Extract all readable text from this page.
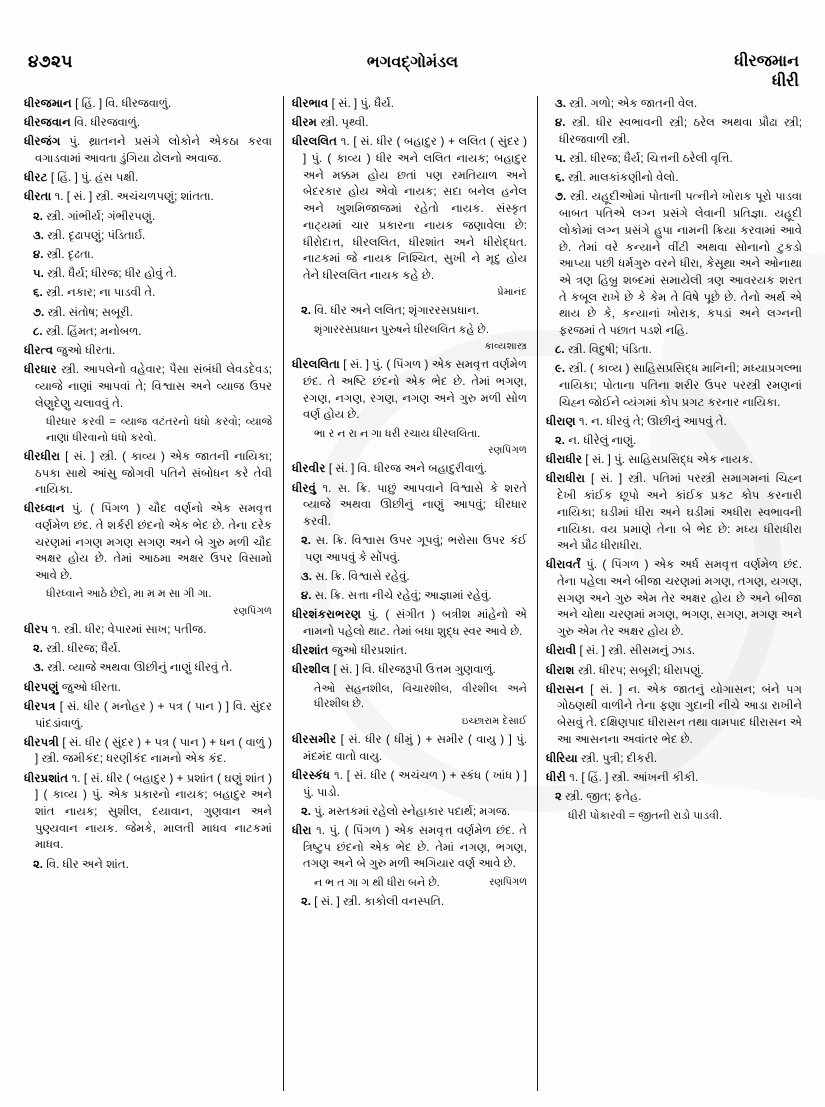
૪૭૨૫	ભગવદ્ગોમંડલ	ધીરજમાન
ધીરી

ધીરજમાન [ હિં. ] વિ. ધીરજવાળું.

ધીરજવાન વિ. ધીરજવાળું.

ધીરજંગ પું. થ્રાતનને પ્રસંગે લોકોને એકઠા કરવા વગાડવામાં આવતા ડુંગિયા ઢોલનો અવાજ.

ધીરટ [ હિં. ] પું. હંસ પક્ષી.

ધીરતા ૧. [ સં. ] સ્ત્રી. અચંચળપણું; શાંતતા.

૨. સ્ત્રી. ગાંભીર્ય; ગંભીરપણું.

૩. સ્ત્રી. દૃઢાપણું; પંડિતાર્ઇ.

૪. સ્ત્રી. દૃઢતા.

૫. સ્ત્રી. ધૈર્ય; ધીરજ; ધીર હોવું તે.

૬. સ્ત્રી. નકાર; ના પાડવી તે.

૭. સ્ત્રી. સંતોષ; સબૂરી.

૮. સ્ત્રી. હિંમત; મનોબળ.

ધીરત્વ જુઓ ધીરતા.

ધીરધાર સ્ત્રી. આપલેનો વહેવાર; પૈસા સંબંધી લેવડદેવડ; વ્યાજે નાણાં આપવાં તે; વિશ્વાસ અને વ્યાજ ઉપર લેણુદેણુ ચલાવવું તે.

ધીરધાર કરવી = વ્યાજ વટંતરનો ધંધો કરવો; વ્યાજે નાણાં ધીરવાનો ધંધો કરવો.

ધીરધીરા [ સં. ] સ્ત્રી. ( કાવ્ય ) એક જાતની નાયિકા; ઠપકા સાથે આંસુ જોગવી પતિને સંબોધન કરે તેવી નાયિકા.

ધીરધ્વાન પું. ( પિંગળ ) ચૌદ વર્ણનો એક સમવૃત્ત વર્ણમેળ છંદ. તે શર્કરી છંદનો એક ભેદ છે. તેના દરેક ચરણમાં નગણ મગણ સગણ અને બે ગુરુ મળી ચૌદ અક્ષર હોય છે. તેમાં આઠમા અક્ષર ઉપર વિસામો આવે છે.

ધીરધ્વાને આઠે છેદો, મા મ મ સા ગી ગા.

રણપિંગળ

ધીરપ ૧. સ્ત્રી. ધીર; વેપારમાં સાખ; પતીજ.

૨. સ્ત્રી. ધીરજ; ધૈર્ય.

૩. સ્ત્રી. વ્યાજે અથવા ઊછીનું નાણું ધીરવું તે.

ધીરપણું જુઓ ધીરતા.

ધીરપત્ર [ સં. ધીર ( મનોહર ) + પત્ર ( પાન ) ] વિ. સુંદર પાંદડાંવાળું.

ધીરપત્રી [ સં. ધીર ( સુંદર ) + પત્ર ( પાન ) + ધન ( વાળું ) ] સ્ત્રી. જમીકંદ; ધરણીકંદ નામનો એક કંદ.

ધીરપ્રશાંત ૧. [ સં. ધીર ( બહાદુર ) + પ્રશાંત ( ઘણું શાંત ) ] ( કાવ્ય ) પું. એક પ્રકારનો નાયક; બહાદુર અને શાંત નાયક; સુશીલ, દયાવાન, ગુણવાન અને પુણ્યવાન નાયક. જેમકે, માલતી માધવ નાટકમાં માધવ.

૨. વિ. ધીર અને શાંત.

ધીરભાવ [ સં. ] પું. ધૈર્ય.

ધીરમ સ્ત્રી. પૃથ્વી.

ધીરલલિત ૧. [ સં. ધીર ( બહાદુર ) + લલિત ( સુંદર ) ] પું. ( કાવ્ય ) ધીર અને લલિત નાયક; બહાદુર અને મક્કમ હોય છતાં પણ રમતિયાળ અને બેદરકાર હોય એવો નાયક; સદા બનેલ હનેલ અને ખુશમિજાજમાં રહેતો નાયક. સંસ્કૃત નાટ્યમાં ચાર પ્રકારના નાયક જણાવેલા છે: ધીરોદાત્ત, ધીરલલિત, ધીરશાંત અને ધીરોદ્ધત. નાટકમાં જે નાયક નિશ્ચિત, સુખી ને મૃદુ હોય તેને ધીરલલિત નાયક કહે છે.

પ્રેમાનંદ

૨. વિ. ધીર અને લલિત; શૃંગારરસપ્રધાન.

શૃંગારરસપ્રધાન પુરુષને ધીરલલિત કહે છે.

કાવ્યશાસ્ત્ર

ધીરલલિતા [ સં. ] પું. ( પિંગળ ) એક સમવૃત્ત વર્ણમેળ છંદ. તે અષ્ટિ છંદનો એક ભેદ છે. તેમાં ભગણ, રગણ, નગણ, રગણ, નગણ અને ગુરુ મળી સોળ વર્ણ હોય છે.

ભા ર ન રા ન ગા ધરી રચાય ધીરલલિતા.

રણપિંગળ

ધીરવીર [ સં. ] વિ. ધીરજ અને બહાદુરીવાળું.

ધીરવું ૧. સ. ક્રિ. પાછું આપવાને વિશ્વાસે કે શરતે વ્યાજે અથવા ઊછીનું નાણું આપવું; ધીરધાર કરવી.

૨. સ. ક્રિ. વિશ્વાસ ઉપર ગૂપવું; ભરોસા ઉપર કંઈ પણ આપવું કે સોંપવું.

૩. સ. ક્રિ. વિશ્વાસે રહેવું.

૪. સ. ક્રિ. સત્તા નીચે રહેવું; આજ્ઞામાં રહેવું.

ધીરશંકરાભરણ પું. ( સંગીત ) બત્રીશ માંહેનો એ નામનો પહેલો થાટ. તેમાં બધા શુદ્ધ સ્વર આવે છે.

ધીરશાંત જુઓ ધીરપ્રશાંત.

ધીરશીલ [ સં. ] વિ. ધીરજરૂપી ઉત્તમ ગુણવાળું.

તેઓ સહનશીલ, વિચારશીલ, વીરશીલ અને ધીરશીલ છે.

ઇચ્છારામ દેસાઈ

ધીરસમીર [ સં. ધીર ( ધીમું ) + સમીર ( વાયુ ) ] પું. મંદમંદ વાતો વાયુ.

ધીરસ્કંધ ૧. [ સં. ધીર ( અચંચળ ) + સ્કંધ ( ખાંધ ) ] પું. પાડો.

૨. પું. મસ્તકમાં રહેલો સ્નેહાકાર પદાર્થ; મગજ.

ધીરા ૧. પું. ( પિંગળ ) એક સમવૃત્ત વર્ણમેળ છંદ. તે ત્રિષ્ટુપ છંદનો એક ભેદ છે. તેમાં નગણ, ભગણ, તગણ અને બે ગુરુ મળી અગિયાર વર્ણ આવે છે.

રણપિંગળ
ન ભ ત ગા ગ થી ધીરા બને છે.

૨. [ સં. ] સ્ત્રી. કાકોલી વનસ્પતિ.

૩. સ્ત્રી. ગળો; એક જાતની વેલ.

૪. સ્ત્રી. ધીર સ્વભાવની સ્ત્રી; ઠરેલ અથવા પ્રૌઢા સ્ત્રી; ધીરજવાળી સ્ત્રી.

૫. સ્ત્રી. ધીરજ; ધૈર્ય; ચિત્તની ઠરેલી વૃત્તિ.

૬. સ્ત્રી. માલકાંકણીનો વેલો.

૭. સ્ત્રી. યહૂદીઓમાં પોતાની પત્નીને ખોરાક પૂરો પાડવા બાબત પતિએ લગ્ન પ્રસંગે લેવાની પ્રતિજ્ઞા. યહૂદી લોકોમાં લગ્ન પ્રસંગે હુપા નામની ક્રિયા કરવામાં આવે છે. તેમાં વરે કન્યાને વીંટી અથવા સોનાનો ટુકડો આપ્યા પછી ધર્મગુરુ વરને ધીરા, કેસૂથા અને ઓનાથા એ ત્રણ હિબ્રુ શબ્દમાં સમાયેલી ત્રણ આવરયક શરત તે કબૂલ રાખે છે કે કેમ તે વિષે પૂછે છે. તેનો અર્થ એ થાય છે કે, કન્યાનાં ખોરાક, કપડાં અને લગ્નની ફરજમાં તે પછાત પડશે નહિ.

૮. સ્ત્રી. વિદુષી; પંડિતા.

૯. સ્ત્રી. ( કાવ્ય ) સાહિસપ્રસિદ્ધ માનિની; મધ્યાપ્રગલ્ભા નાયિકા; પોતાના પતિના શરીર ઉપર પરસ્ત્રી રમણનાં ચિહ્ન જોઈને વ્યંગમાં કોપ પ્રગટ કરનાર નાયિકા.

ધીરાણ ૧. ન. ધીરવું તે; ઊછીનું આપવું તે.

૨. ન. ધીરેલું નાણું.

ધીરાધીર [ સં. ] પું. સાહિસપ્રસિદ્ધ એક નાયક.

ધીરાધીરા [ સં. ] સ્ત્રી. પતિમાં પરસ્ત્રી સમાગમનાં ચિહ્ન દેખી કાંઈક છૂપો અને કાંઈક પ્રકટ કોપ કરનારી નાયિકા; ઘડીમાં ધીરા અને ઘડીમાં અધીરા સ્વભાવની નાયિકા. વય પ્રમાણે તેના બે ભેદ છે: મધ્ય ધીરાધીરા અને પ્રૌઢ ધીરાધીરા.

ધીરાવર્તં પું. ( પિંગળ ) એક અર્ધ સમવૃત્ત વર્ણમેળ છંદ. તેના પહેલા અને બીજા ચરણમાં મગણ, તગણ, યગણ, સગણ અને ગુરુ એમ તેર અક્ષર હોય છે અને બીજા અને ચોથા ચરણમાં મગણ, ભગણ, સગણ, મગણ અને ગુરુ એમ તેર અક્ષર હોય છે.

ધીરાવી [ સં. ] સ્ત્રી. સીસમનું ઝાડ.

ધીરાશ સ્ત્રી. ધીરપ; સબૂરી; ધીરાપણું.

ધીરાસન [ સં. ] ન. એક જાતનું યોગાસન; બંને પગ ગોઠણથી વાળીને તેના ફણા ગુદાની નીચે આડા રાખીને બેસવું તે. દક્ષિણપાદ ધીરાસન તથા વામપાદ ધીરાસન એ આ આસનના અવાંતર ભેદ છે.

ધીરિયા સ્ત્રી. પુત્રી; દીકરી.

ધીરી ૧. [ હિં. ] સ્ત્રી. આંખની કીકી.

૨ સ્ત્રી. જીત; ફતેહ.

ધીરી પોકારવી = જીતની રાડો પાડવી.
